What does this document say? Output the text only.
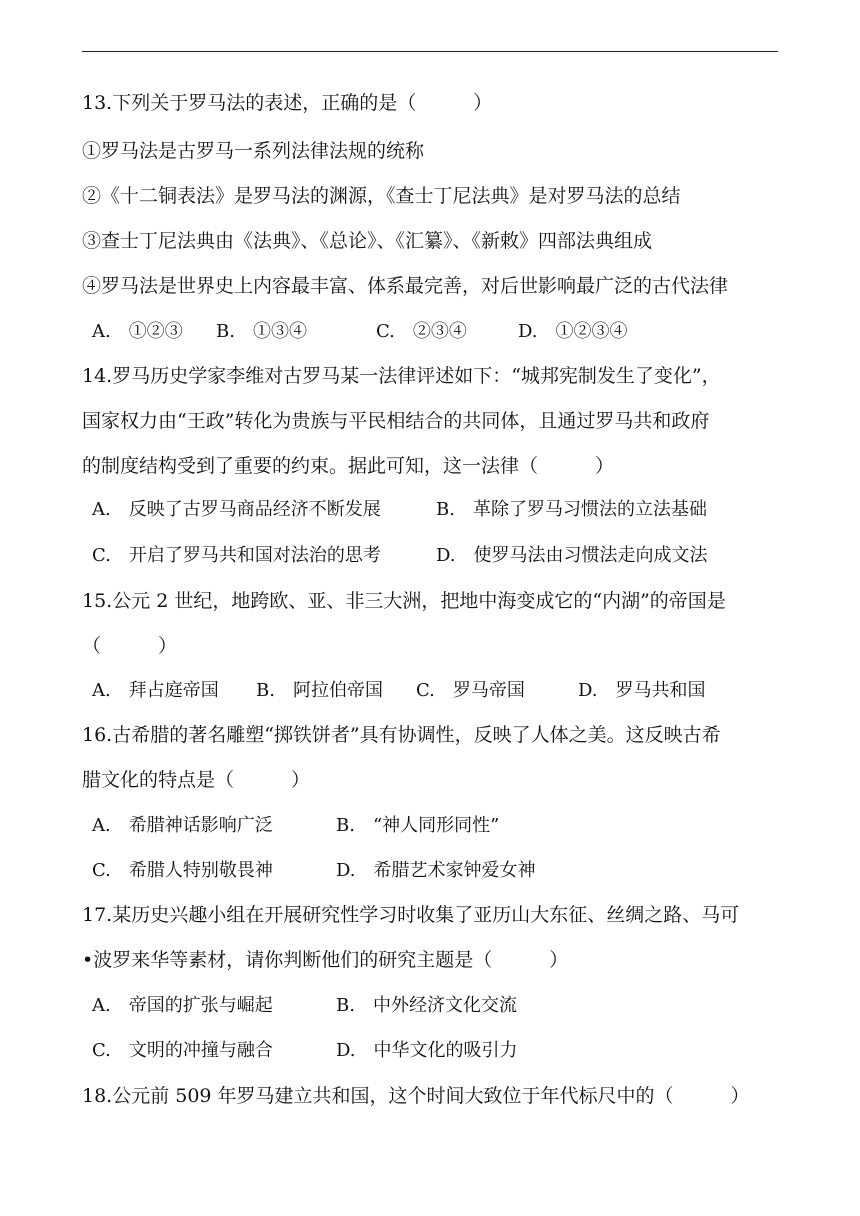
13.下列关于罗马法的表述，正确的是（　　　）
①罗马法是古罗马一系列法律法规的统称
②《十二铜表法》是罗马法的渊源，《查士丁尼法典》是对罗马法的总结
③查士丁尼法典由《法典》、《总论》、《汇纂》、《新敕》四部法典组成
④罗马法是世界史上内容最丰富、体系最完善，对后世影响最广泛的古代法律
A.　①②③ B.　①③④	C.　②③④	D.　①②③④
14.罗马历史学家李维对古罗马某一法律评述如下：“城邦宪制发生了变化”，
国家权力由“王政”转化为贵族与平民相结合的共同体，且通过罗马共和政府
的制度结构受到了重要的约束。据此可知，这一法律（　　　）
A.　反映了古罗马商品经济不断发展	B.　革除了罗马习惯法的立法基础
C.　开启了罗马共和国对法治的思考	D.　使罗马法由习惯法走向成文法
15.公元 2 世纪，地跨欧、亚、非三大洲，把地中海变成它的“内湖”的帝国是
（　　　）
A.　拜占庭帝国 B.　阿拉伯帝国 C.　罗马帝国	D.　罗马共和国
16.古希腊的著名雕塑“掷铁饼者”具有协调性，反映了人体之美。这反映古希
腊文化的特点是（　　　）
A.　希腊神话影响广泛	B.　“神人同形同性”
C.　希腊人特别敬畏神	D.　希腊艺术家钟爱女神
17.某历史兴趣小组在开展研究性学习时收集了亚历山大东征、丝绸之路、马可
•波罗来华等素材，请你判断他们的研究主题是（　　　）
A.　帝国的扩张与崛起	B.　中外经济文化交流
C.　文明的冲撞与融合	D.　中华文化的吸引力
18.公元前 509 年罗马建立共和国，这个时间大致位于年代标尺中的（　　　）
